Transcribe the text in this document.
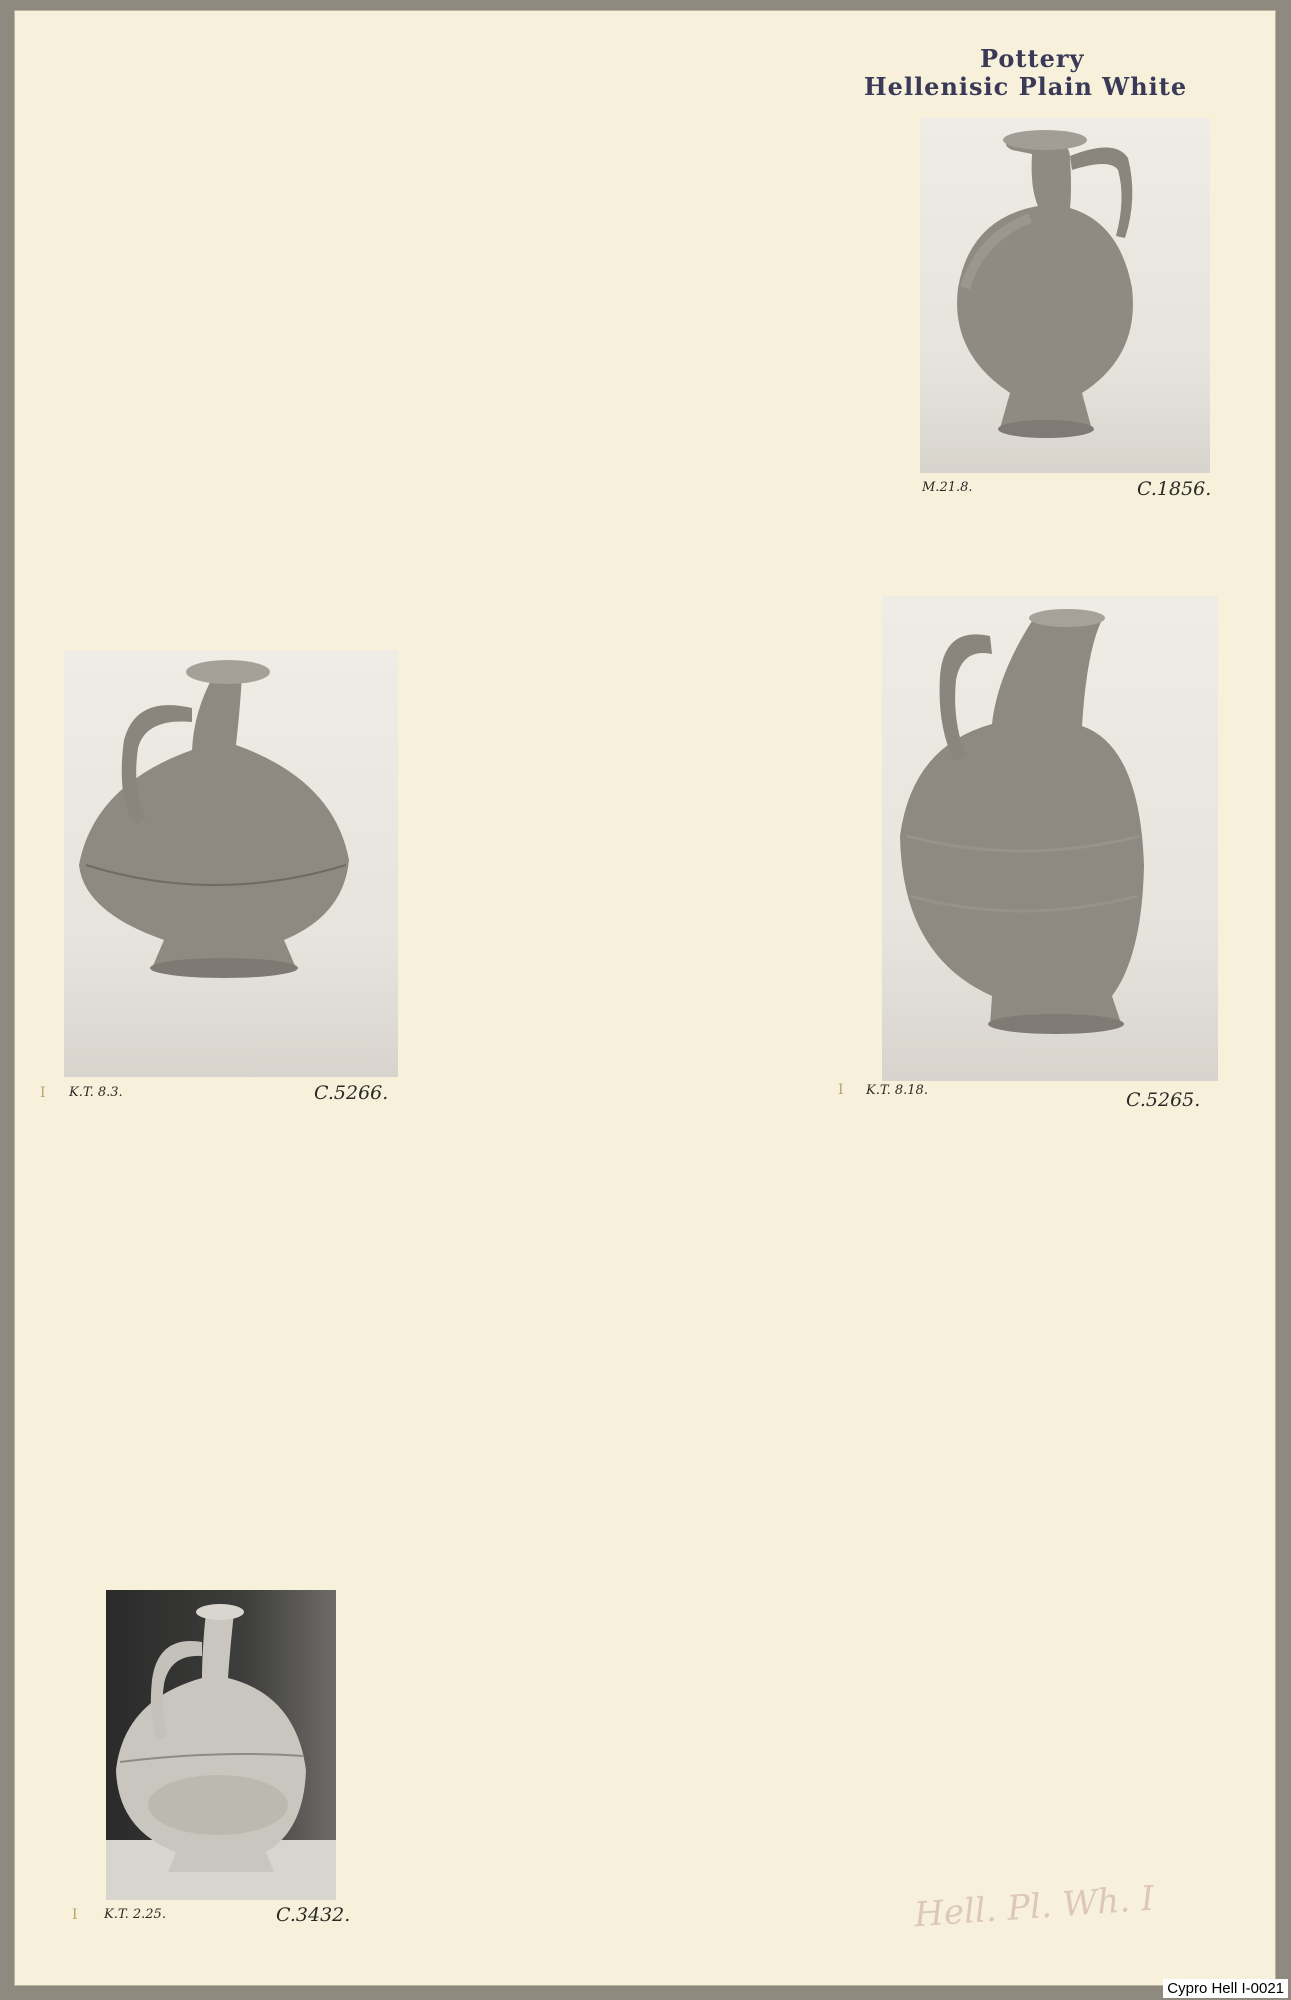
Pottery
Hellenisic Plain White
M.21.8.	C.1856.
I K.T. 8.3.	C.5266.	I K.T. 8.18.	C.5265.
I K.T. 2.25.	C.3432.	Hell. Pl. Wh. I
Cypro Hell I-0021
